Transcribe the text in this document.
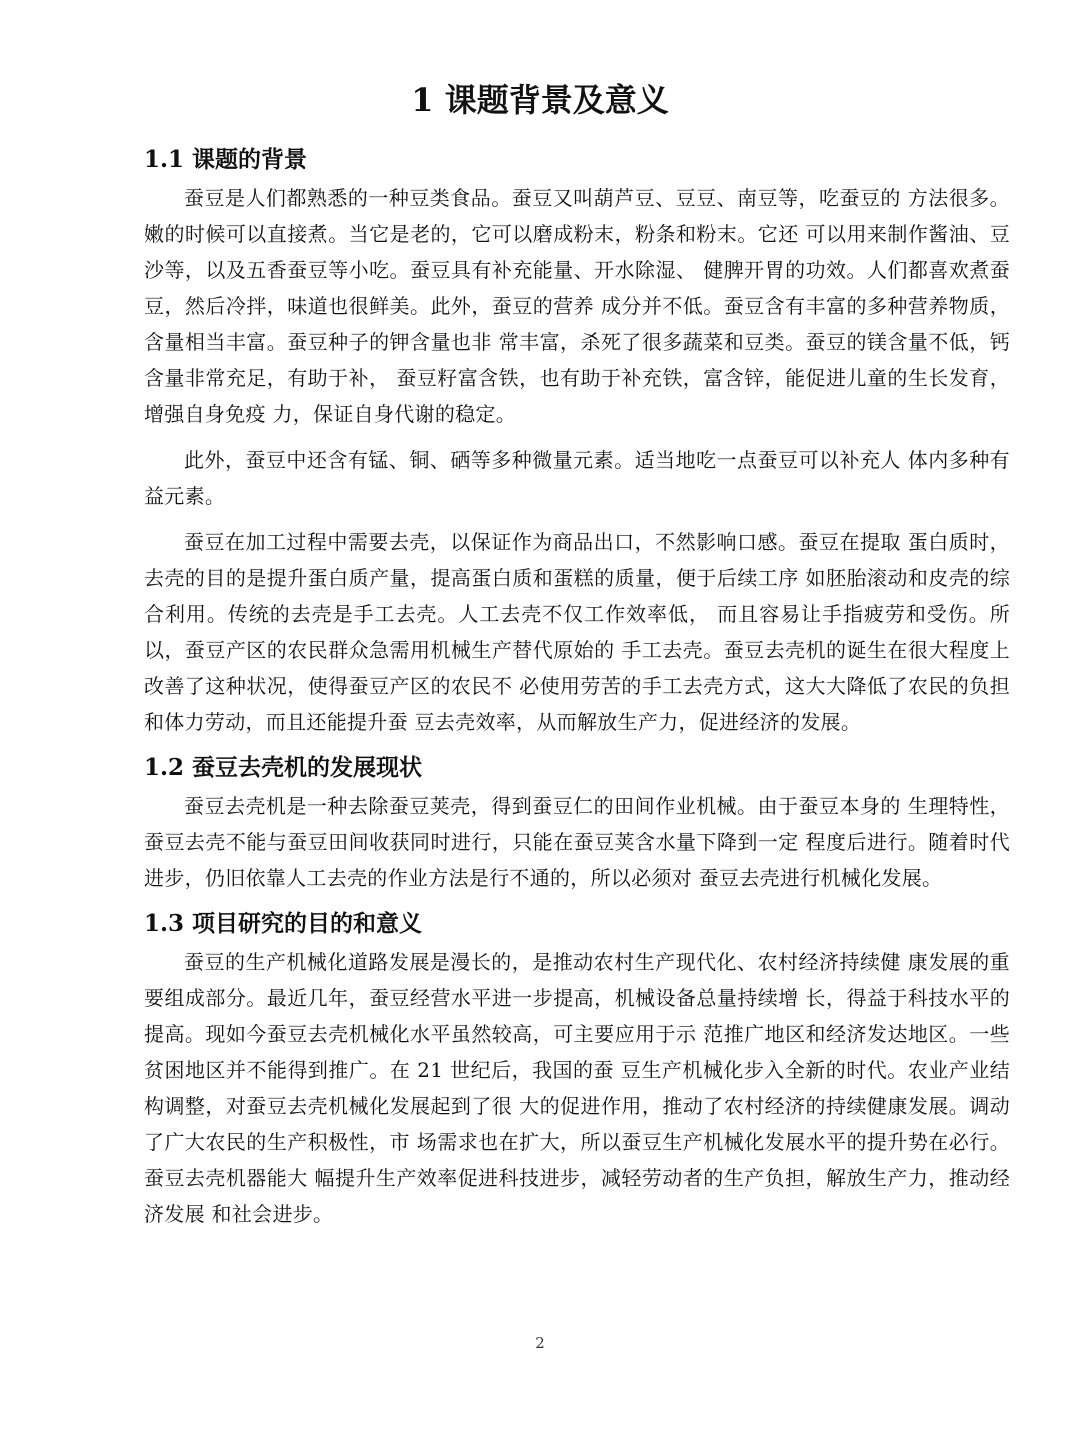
1 课题背景及意义
1.1 课题的背景

蚕豆是人们都熟悉的一种豆类食品。蚕豆又叫葫芦豆、豆豆、南豆等，吃蚕豆的 方法很多。嫩的时候可以直接煮。当它是老的，它可以磨成粉末，粉条和粉末。它还 可以用来制作酱油、豆沙等，以及五香蚕豆等小吃。蚕豆具有补充能量、开水除湿、 健脾开胃的功效。人们都喜欢煮蚕豆，然后冷拌，味道也很鲜美。此外，蚕豆的营养 成分并不低。蚕豆含有丰富的多种营养物质，含量相当丰富。蚕豆种子的钾含量也非 常丰富，杀死了很多蔬菜和豆类。蚕豆的镁含量不低，钙含量非常充足，有助于补， 蚕豆籽富含铁，也有助于补充铁，富含锌，能促进儿童的生长发育，增强自身免疫 力，保证自身代谢的稳定。

此外，蚕豆中还含有锰、铜、硒等多种微量元素。适当地吃一点蚕豆可以补充人 体内多种有益元素。

蚕豆在加工过程中需要去壳，以保证作为商品出口，不然影响口感。蚕豆在提取 蛋白质时，去壳的目的是提升蛋白质产量，提高蛋白质和蛋糕的质量，便于后续工序 如胚胎滚动和皮壳的综合利用。传统的去壳是手工去壳。人工去壳不仅工作效率低， 而且容易让手指疲劳和受伤。所以，蚕豆产区的农民群众急需用机械生产替代原始的 手工去壳。蚕豆去壳机的诞生在很大程度上改善了这种状况，使得蚕豆产区的农民不 必使用劳苦的手工去壳方式，这大大降低了农民的负担和体力劳动，而且还能提升蚕 豆去壳效率，从而解放生产力，促进经济的发展。

1.2 蚕豆去壳机的发展现状

蚕豆去壳机是一种去除蚕豆荚壳，得到蚕豆仁的田间作业机械。由于蚕豆本身的 生理特性，蚕豆去壳不能与蚕豆田间收获同时进行，只能在蚕豆荚含水量下降到一定 程度后进行。随着时代进步，仍旧依靠人工去壳的作业方法是行不通的，所以必须对 蚕豆去壳进行机械化发展。

1.3 项目研究的目的和意义

蚕豆的生产机械化道路发展是漫长的，是推动农村生产现代化、农村经济持续健 康发展的重要组成部分。最近几年，蚕豆经营水平进一步提高，机械设备总量持续增 长，得益于科技水平的提高。现如今蚕豆去壳机械化水平虽然较高，可主要应用于示 范推广地区和经济发达地区。一些贫困地区并不能得到推广。在 21 世纪后，我国的蚕 豆生产机械化步入全新的时代。农业产业结构调整，对蚕豆去壳机械化发展起到了很 大的促进作用，推动了农村经济的持续健康发展。调动了广大农民的生产积极性，市 场需求也在扩大，所以蚕豆生产机械化发展水平的提升势在必行。蚕豆去壳机器能大 幅提升生产效率促进科技进步，减轻劳动者的生产负担，解放生产力，推动经济发展 和社会进步。

2
